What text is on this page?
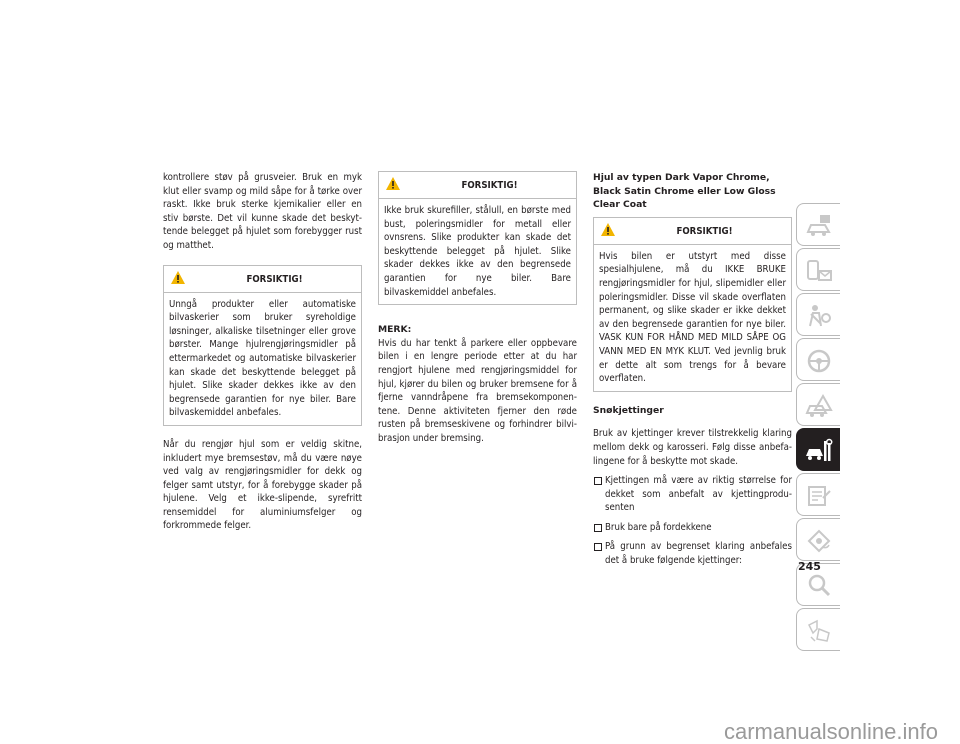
kontrollere støv på grusveier. Bruk en myk klut eller svamp og mild såpe for å tørke over raskt. Ikke bruk sterke kjemikalier eller en stiv børste. Det vil kunne skade det beskyt-tende belegget på hjulet som forebygger rust og matthet.

FORSIKTIG!
Unngå produkter eller automatiske bilvaskerier som bruker syreholdige løsninger, alkaliske tilsetninger eller grove børster. Mange hjulrengjøringsmidler på ettermarkedet og automatiske bilvaskerier kan skade det beskyttende belegget på hjulet. Slike skader dekkes ikke av den begrensede garantien for nye biler. Bare bilvaskemiddel anbefales.

Når du rengjør hjul som er veldig skitne, inkludert mye bremsestøv, må du være nøye ved valg av rengjøringsmidler for dekk og felger samt utstyr, for å forebygge skader på hjulene. Velg et ikke-slipende, syrefritt rensemiddel for aluminiumsfelger og forkrommede felger.

FORSIKTIG!
Ikke bruk skurefiller, stålull, en børste med bust, poleringsmidler for metall eller ovnsrens. Slike produkter kan skade det beskyttende belegget på hjulet. Slike skader dekkes ikke av den begrensede garantien for nye biler. Bare bilvaskemiddel anbefales.

MERK:

Hvis du har tenkt å parkere eller oppbevare bilen i en lengre periode etter at du har rengjort hjulene med rengjøringsmiddel for hjul, kjører du bilen og bruker bremsene for å fjerne vanndråpene fra bremsekomponen-tene. Denne aktiviteten fjerner den røde rusten på bremseskivene og forhindrer bilvi-brasjon under bremsing.

Hjul av typen Dark Vapor Chrome, Black Satin Chrome eller Low Gloss Clear Coat

FORSIKTIG!
Hvis bilen er utstyrt med disse spesialhjulene, må du IKKE BRUKE rengjøringsmidler for hjul, slipemidler eller poleringsmidler. Disse vil skade overflaten permanent, og slike skader er ikke dekket av den begrensede garantien for nye biler. VASK KUN FOR HÅND MED MILD SÅPE OG VANN MED EN MYK KLUT. Ved jevnlig bruk er dette alt som trengs for å bevare overflaten.

Snøkjettinger

Bruk av kjettinger krever tilstrekkelig klaring mellom dekk og karosseri. Følg disse anbefa-lingene for å beskytte mot skade.

Kjettingen må være av riktig størrelse for dekket som anbefalt av kjettingprodu-senten
Bruk bare på fordekkene
På grunn av begrenset klaring anbefales det å bruke følgende kjettinger:	245
carmanualsonline.info
